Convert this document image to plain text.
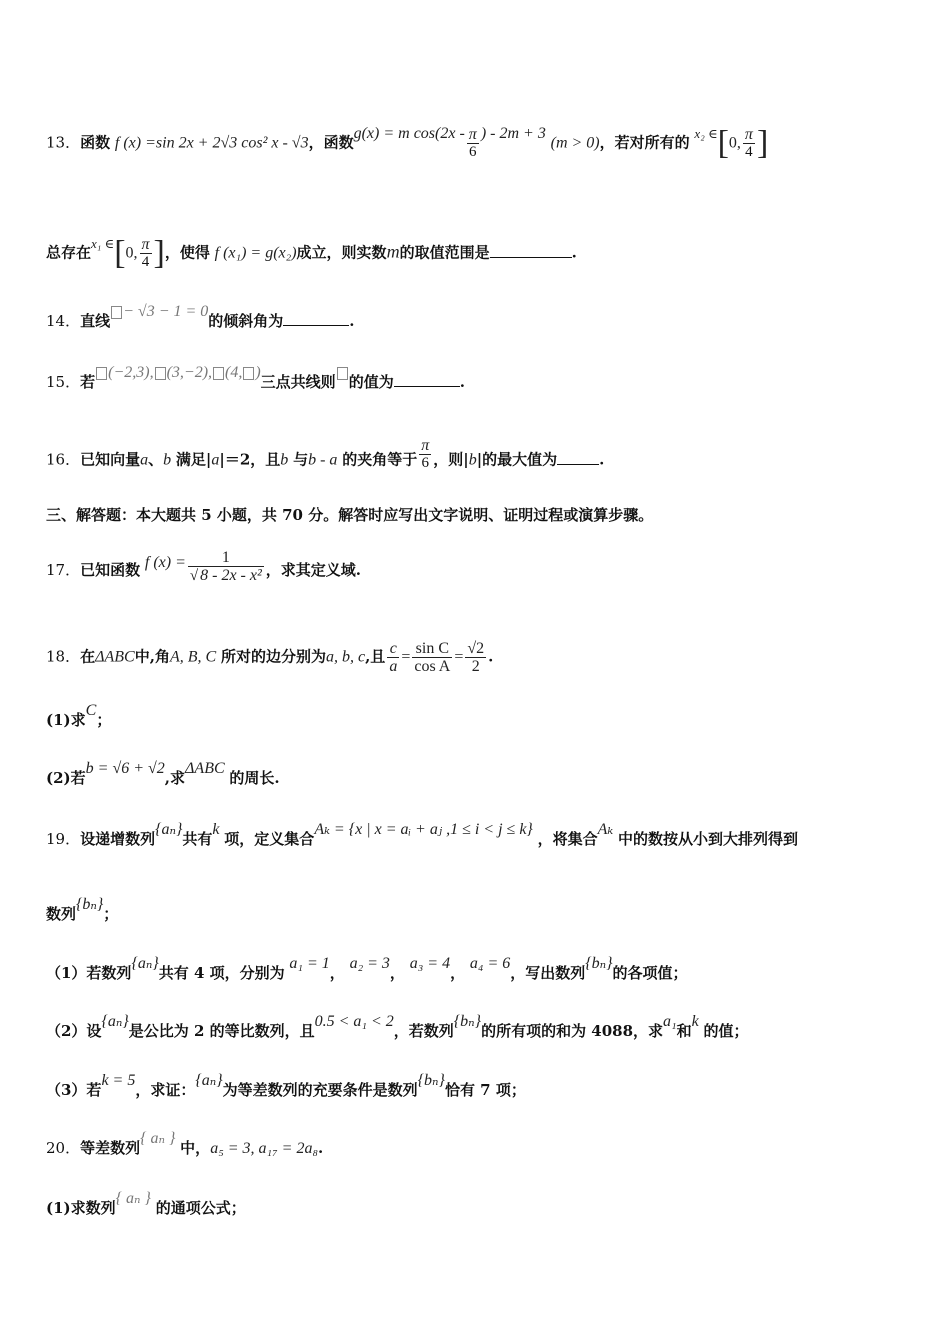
13．函数 f (x) =sin 2x + 2√3 cos² x - √3，函数g(x) = m $\cos(2x - \frac{\pi}{6}$ ) - 2m + 3 (m > 0)，若对所有的 x₂ ∈[0, $\frac{\pi}{4}$ ]
总存在x₁ ∈[0, $\frac{\pi}{4}$ ]，使得 f (x₁) = g(x₂)成立，则实数m的取值范围是	.
14．直线− √3 − 1 = 0的倾斜角为	.
15．若(−2,3), (3,−2), (4, )三点共线则 的值为	.
16．已知向量a、b 满足|a|＝2，且b 与b - a 的夹角等于 $\frac{\pi}{6}$ ，则|b|的最大值为	.
三、解答题：本大题共 5 小题，共 70 分。解答时应写出文字说明、证明过程或演算步骤。
17．已知函数 f $(x) = \frac{1}{\text{√ 8 - 2x - x²}}$ ，求其定义域.
18．在ΔABC中,角A, B, C 所对的边分别为a, b, c,且 $\frac{c}{a} = \frac{\text{sin C}}{\text{cos A}} = \frac{√2}{2}$ .
(1)求C；
(2)若b = √6 + √2,求ΔABC 的周长.
19．设递增数列{aₙ}共有k 项，定义集合Aₖ = {x | x = aᵢ + aⱼ ,1 ≤ i < j ≤ k} ，将集合Aₖ 中的数按从小到大排列得到
数列{bₙ}；
（1）若数列{aₙ}共有 4 项，分别为 a₁ = 1， a₂ = 3， a₃ = 4， a₄ = 6，写出数列{bₙ}的各项值；
（2）设{aₙ}是公比为 2 的等比数列，且0.5 < a₁ < 2，若数列{bₙ}的所有项的和为 4088，求a₁和k 的值；
（3）若k = 5，求证：{aₙ}为等差数列的充要条件是数列{bₙ}恰有 7 项；
20．等差数列{ aₙ } 中，a₅ = 3, a₁₇ = 2a₈.
(1)求数列{ aₙ } 的通项公式；
